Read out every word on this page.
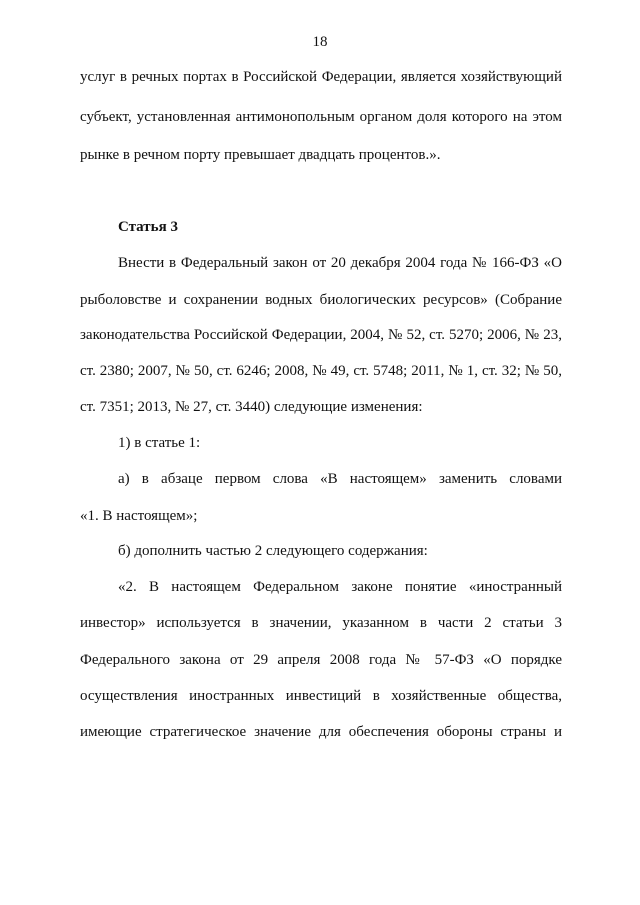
18
услуг в речных портах в Российской Федерации, является хозяйствующий
субъект, установленная антимонопольным органом доля которого на этом
рынке в речном порту превышает двадцать процентов.».
Статья 3
Внести в Федеральный закон от 20 декабря 2004 года № 166-ФЗ «О
рыболовстве и сохранении водных биологических ресурсов» (Собрание
законодательства Российской Федерации, 2004, № 52, ст. 5270; 2006, № 23,
ст. 2380; 2007, № 50, ст. 6246; 2008, № 49, ст. 5748; 2011, № 1, ст. 32; № 50,
ст. 7351; 2013, № 27, ст. 3440) следующие изменения:
1) в статье 1:
а) в абзаце первом слова «В настоящем» заменить словами
«1. В настоящем»;
б) дополнить частью 2 следующего содержания:
«2. В настоящем Федеральном законе понятие «иностранный
инвестор» используется в значении, указанном в части 2 статьи 3
Федерального закона от 29 апреля 2008 года № 57-ФЗ «О порядке
осуществления иностранных инвестиций в хозяйственные общества,
имеющие стратегическое значение для обеспечения обороны страны и
